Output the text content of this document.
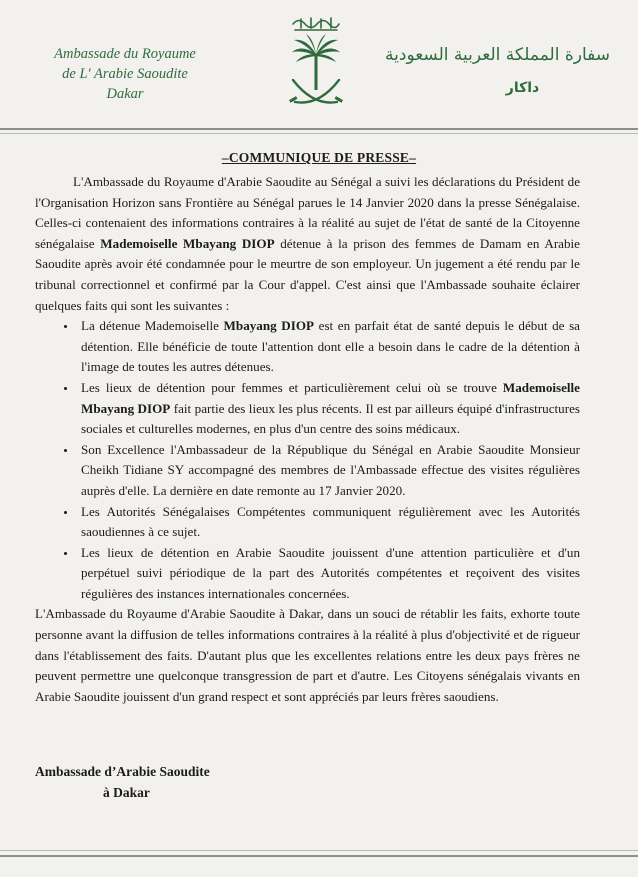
Ambassade du Royaume
de L' Arabie Saoudite
Dakar
سفارة المملكة العربية السعودية
داكار
–COMMUNIQUE DE PRESSE–

L'Ambassade du Royaume d'Arabie Saoudite au Sénégal a suivi les déclarations du Président de l'Organisation Horizon sans Frontière au Sénégal parues le 14 Janvier 2020 dans la presse Sénégalaise. Celles-ci contenaient des informations contraires à la réalité au sujet de l'état de santé de la Citoyenne sénégalaise Mademoiselle Mbayang DIOP détenue à la prison des femmes de Damam en Arabie Saoudite après avoir été condamnée pour le meurtre de son employeur. Un jugement a été rendu par le tribunal correctionnel et confirmé par la Cour d'appel. C'est ainsi que l'Ambassade souhaite éclairer quelques faits qui sont les suivantes :

• La détenue Mademoiselle Mbayang DIOP est en parfait état de santé depuis le début de sa détention. Elle bénéficie de toute l'attention dont elle a besoin dans le cadre de la détention à l'image de toutes les autres détenues.
• Les lieux de détention pour femmes et particulièrement celui où se trouve Mademoiselle Mbayang DIOP fait partie des lieux les plus récents. Il est par ailleurs équipé d'infrastructures sociales et culturelles modernes, en plus d'un centre des soins médicaux.
• Son Excellence l'Ambassadeur de la République du Sénégal en Arabie Saoudite Monsieur Cheikh Tidiane SY accompagné des membres de l'Ambassade effectue des visites régulières auprès d'elle. La dernière en date remonte au 17 Janvier 2020.
• Les Autorités Sénégalaises Compétentes communiquent régulièrement avec les Autorités saoudiennes à ce sujet.
• Les lieux de détention en Arabie Saoudite jouissent d'une attention particulière et d'un perpétuel suivi périodique de la part des Autorités compétentes et reçoivent des visites régulières des instances internationales concernées.

L'Ambassade du Royaume d'Arabie Saoudite à Dakar, dans un souci de rétablir les faits, exhorte toute personne avant la diffusion de telles informations contraires à la réalité à plus d'objectivité et de rigueur dans l'établissement des faits. D'autant plus que les excellentes relations entre les deux pays frères ne peuvent permettre une quelconque transgression de part et d'autre. Les Citoyens sénégalais vivants en Arabie Saoudite jouissent d'un grand respect et sont appréciés par leurs frères saoudiens.

Ambassade d’Arabie Saoudite
à Dakar
